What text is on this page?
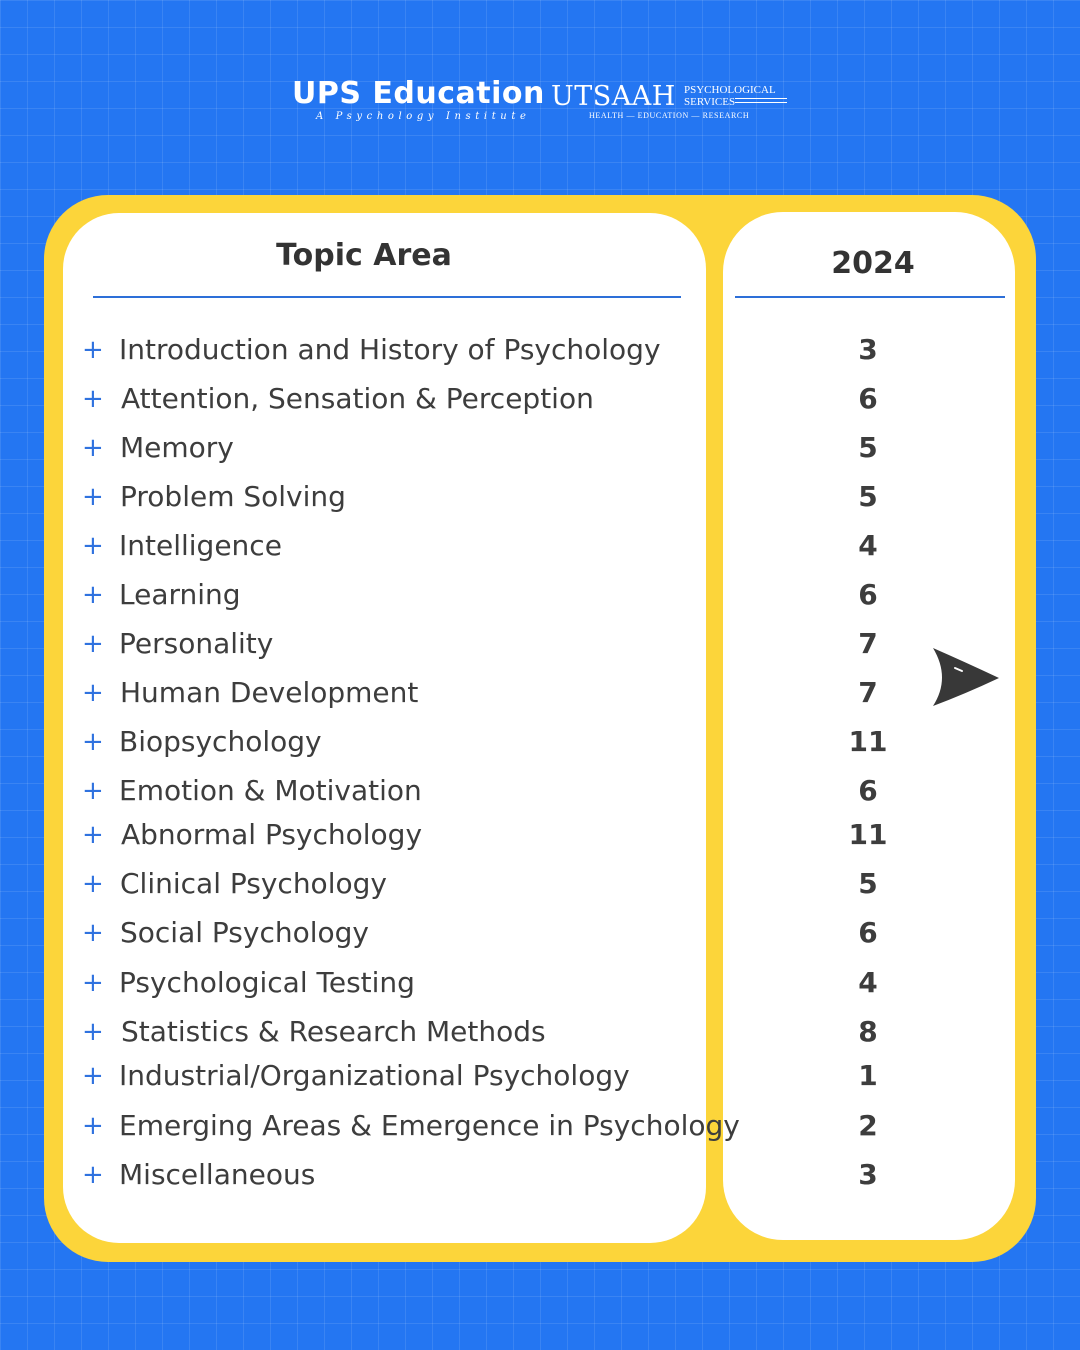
UPS Education
A Psychology Institute
UTSAAH PSYCHOLOGICAL
SERVICES
HEALTH — EDUCATION — RESEARCH
Topic Area	2024
+ Introduction and History of Psychology	3
+ Attention, Sensation & Perception	6
+ Memory	5
+ Problem Solving	5
+ Intelligence	4
+ Learning	6
+ Personality	7
+ Human Development	7
+ Biopsychology	11
+ Emotion & Motivation	6
+ Abnormal Psychology	11
+ Clinical Psychology	5
+ Social Psychology	6
+ Psychological Testing	4
+ Statistics & Research Methods	8
+ Industrial/Organizational Psychology	1
+ Emerging Areas & Emergence in Psychology	2
+ Miscellaneous	3
